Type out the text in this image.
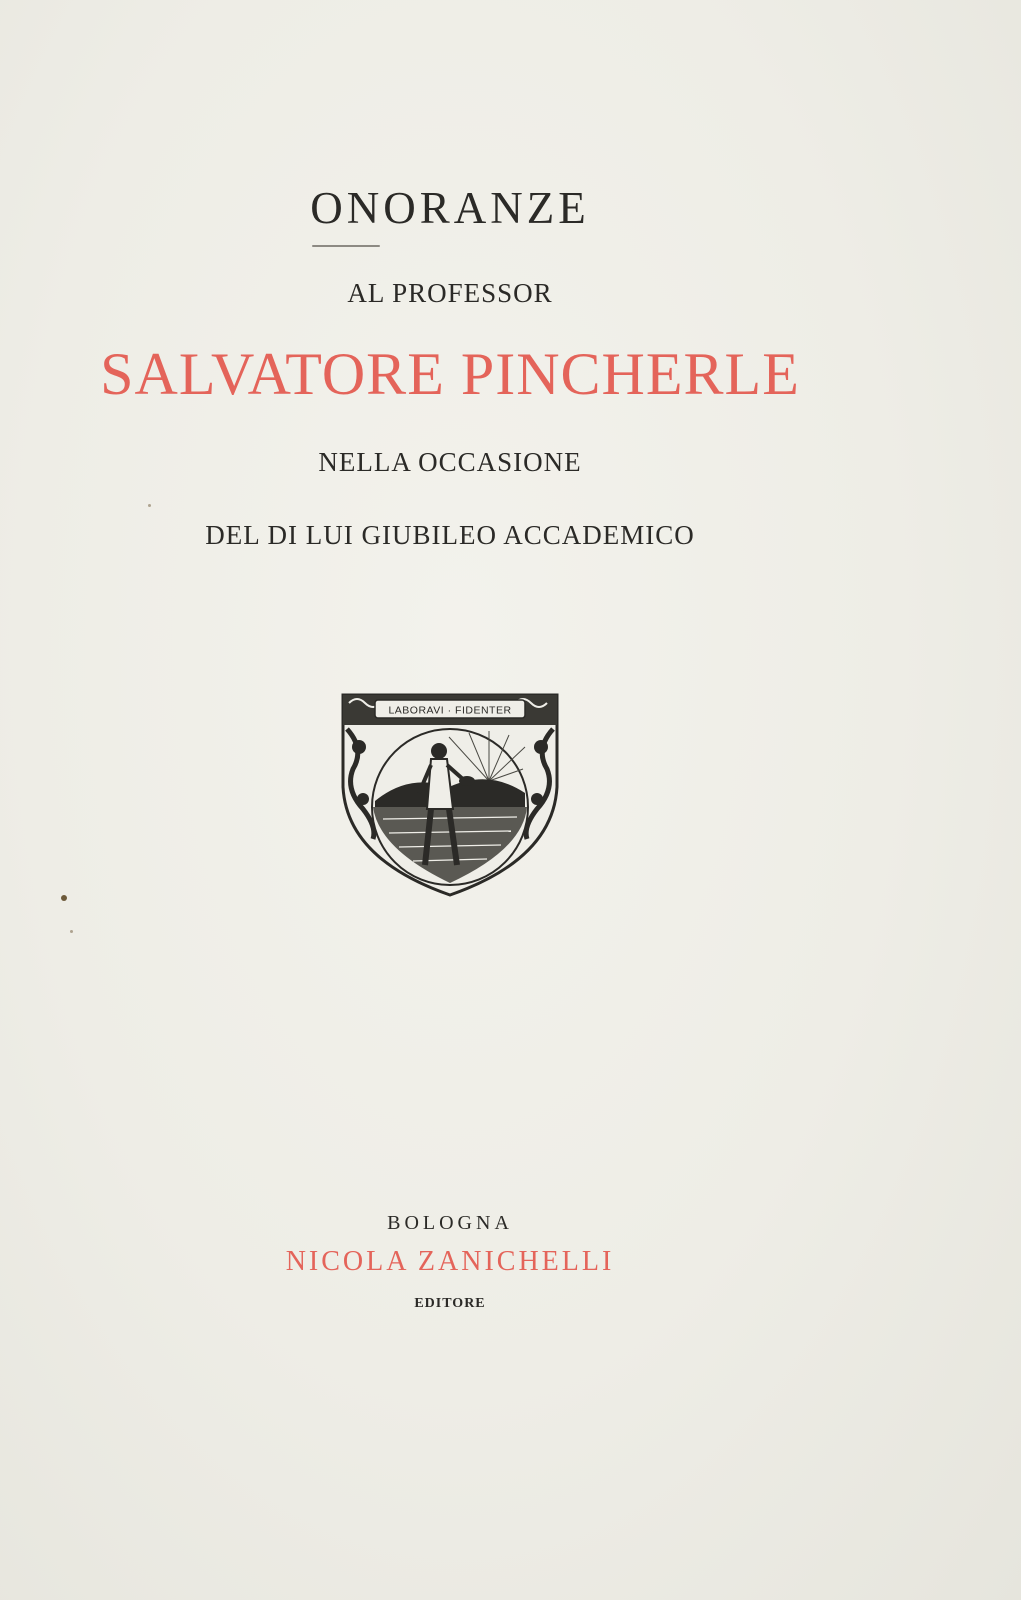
ONORANZE
AL PROFESSOR
SALVATORE PINCHERLE
NELLA OCCASIONE
DEL DI LUI GIUBILEO ACCADEMICO
LABORAVI · FIDENTER
BOLOGNA
NICOLA ZANICHELLI
EDITORE
